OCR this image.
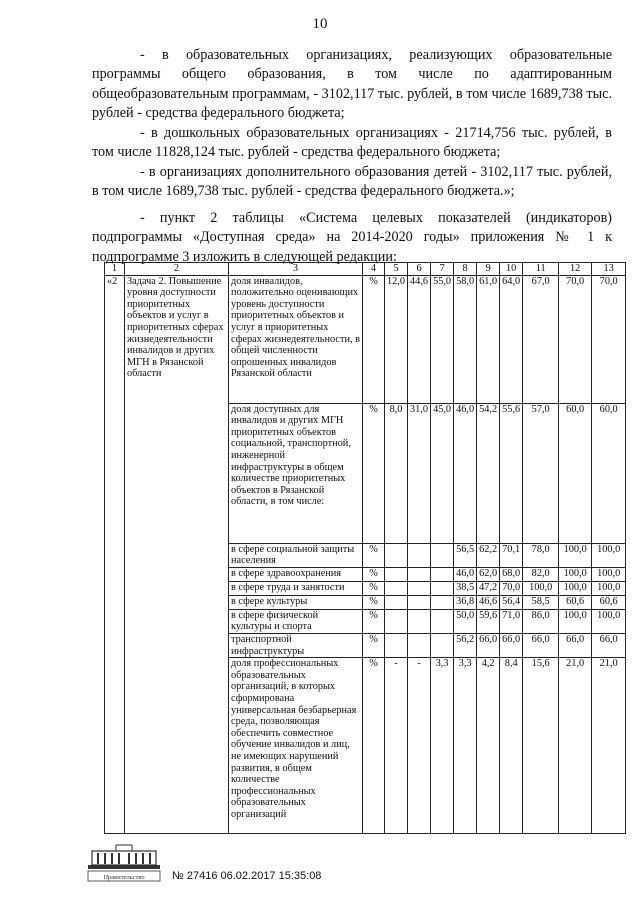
10
- в образовательных организациях, реализующих образовательные программы общего образования, в том числе по адаптированным общеобразовательным программам, - 3102,117 тыс. рублей, в том числе 1689,738 тыс. рублей - средства федерального бюджета;
- в дошкольных образовательных организациях - 21714,756 тыс. рублей, в том числе 11828,124 тыс. рублей - средства федерального бюджета;
- в организациях дополнительного образования детей - 3102,117 тыс. рублей, в том числе 1689,738 тыс. рублей - средства федерального бюджета.»;
- пункт 2 таблицы «Система целевых показателей (индикаторов) подпрограммы «Доступная среда» на 2014-2020 годы» приложения № 1 к подпрограмме 3 изложить в следующей редакции:
1	2	3	4	5	6	7	8	9	10	11	12	13
«2	Задача 2. Повышение уровня доступности приоритетных объектов и услуг в приоритетных сферах жизнедеятельности инвалидов и других МГН в Рязанской области	доля инвалидов, положительно оценивающих уровень доступности приоритетных объектов и услуг в приоритетных сферах жизнедеятельности, в общей численности опрошенных инвалидов Рязанской области	%	12,0	44,6	55,0	58,0	61,0	64,0	67,0	70,0	70,0
		доля доступных для инвалидов и других МГН приоритетных объектов социальной, транспортной, инженерной инфраструктуры в общем количестве приоритетных объектов в Рязанской области, в том числе:	%	8,0	31,0	45,0	46,0	54,2	55,6	57,0	60,0	60,0
		в сфере социальной защиты населения	%				56,5	62,2	70,1	78,0	100,0	100,0
		в сфере здравоохранения	%				46,0	62,0	68,0	82,0	100,0	100,0
		в сфере труда и занятости	%				38,5	47,2	70,0	100,0	100,0	100,0
		в сфере культуры	%				36,8	46,6	56,4	58,5	60,6	60,6
		в сфере физической культуры и спорта	%				50,0	59,6	71,0	86,0	100,0	100,0
		транспортной инфраструктуры	%				56,2	66,0	66,0	66,0	66,0	66,0
		доля профессиональных образовательных организаций, в которых сформирована универсальная безбарьерная среда, позволяющая обеспечить совместное обучение инвалидов и лиц, не имеющих нарушений развития, в общем количестве профессиональных образовательных организаций	%	-	-	3,3	3,3	4,2	8,4	15,6	21,0	21,0
Правительство № 27416 06.02.2017 15:35:08
